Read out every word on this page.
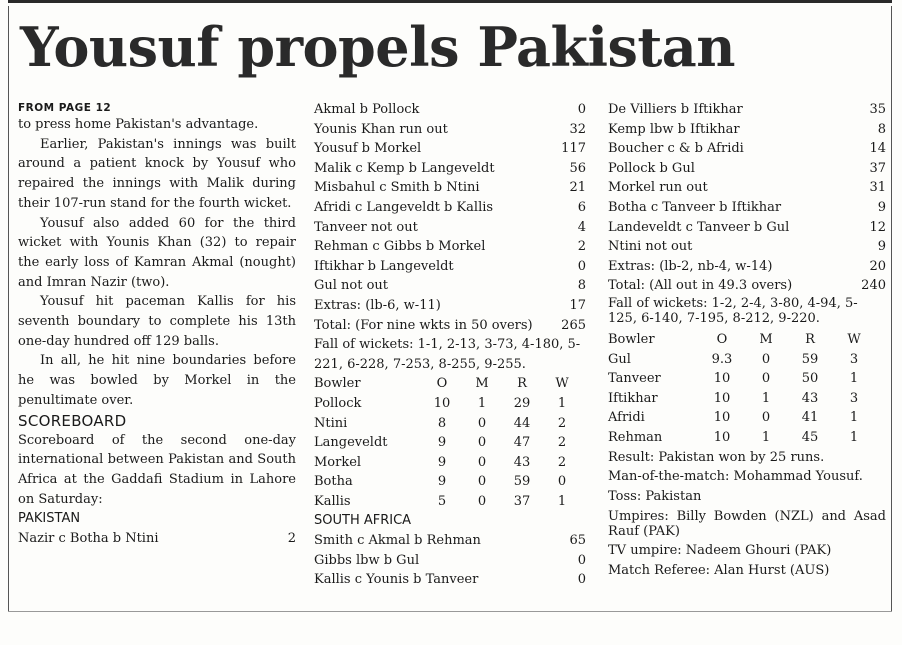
Yousuf propels Pakistan
FROM PAGE 12

to press home Pakistan's advantage.

Earlier, Pakistan's innings was built around a patient knock by Yousuf who repaired the innings with Malik during their 107-run stand for the fourth wicket.

Yousuf also added 60 for the third wicket with Younis Khan (32) to repair the early loss of Kamran Akmal (nought) and Imran Nazir (two).

Yousuf hit paceman Kallis for his seventh boundary to complete his 13th one-day hundred off 129 balls.

In all, he hit nine boundaries before he was bowled by Morkel in the penultimate over.

SCOREBOARD

Scoreboard of the second one-day international between Pakistan and South Africa at the Gaddafi Stadium in Lahore on Saturday:

PAKISTAN
Nazir c Botha b Ntini	2
Akmal b Pollock	0
Younis Khan run out	32
Yousuf b Morkel	117
Malik c Kemp b Langeveldt	56
Misbahul c Smith b Ntini	21
Afridi c Langeveldt b Kallis	6
Tanveer not out	4
Rehman c Gibbs b Morkel	2
Iftikhar b Langeveldt	0
Gul not out	8
Extras: (lb-6, w-11)	17
Total: (For nine wkts in 50 overs) 265

Fall of wickets: 1-1, 2-13, 3-73, 4-180, 5-221, 6-228, 7-253, 8-255, 9-255.

Bowler	O	M	R	W
Pollock	10	1	29	1
Ntini	8	0	44	2
Langeveldt	9	0	47	2
Morkel	9	0	43	2
Botha	9	0	59	0
Kallis	5	0	37	1
SOUTH AFRICA
Smith c Akmal b Rehman	65
Gibbs lbw b Gul	0
Kallis c Younis b Tanveer	0
De Villiers b Iftikhar	35
Kemp lbw b Iftikhar	8
Boucher c & b Afridi	14
Pollock b Gul	37
Morkel run out	31
Botha c Tanveer b Iftikhar	9
Landeveldt c Tanveer b Gul	12
Ntini not out	9
Extras: (lb-2, nb-4, w-14)	20
Total: (All out in 49.3 overs)	240

Fall of wickets: 1-2, 2-4, 3-80, 4-94, 5-125, 6-140, 7-195, 8-212, 9-220.

Bowler	O	M	R	W
Gul	9.3	0	59	3
Tanveer	10	0	50	1
Iftikhar	10	1	43	3
Afridi	10	0	41	1
Rehman	10	1	45	1

Result: Pakistan won by 25 runs.

Man-of-the-match: Mohammad Yousuf.

Toss: Pakistan

Umpires: Billy Bowden (NZL) and Asad Rauf (PAK)

TV umpire: Nadeem Ghouri (PAK)

Match Referee: Alan Hurst (AUS)
